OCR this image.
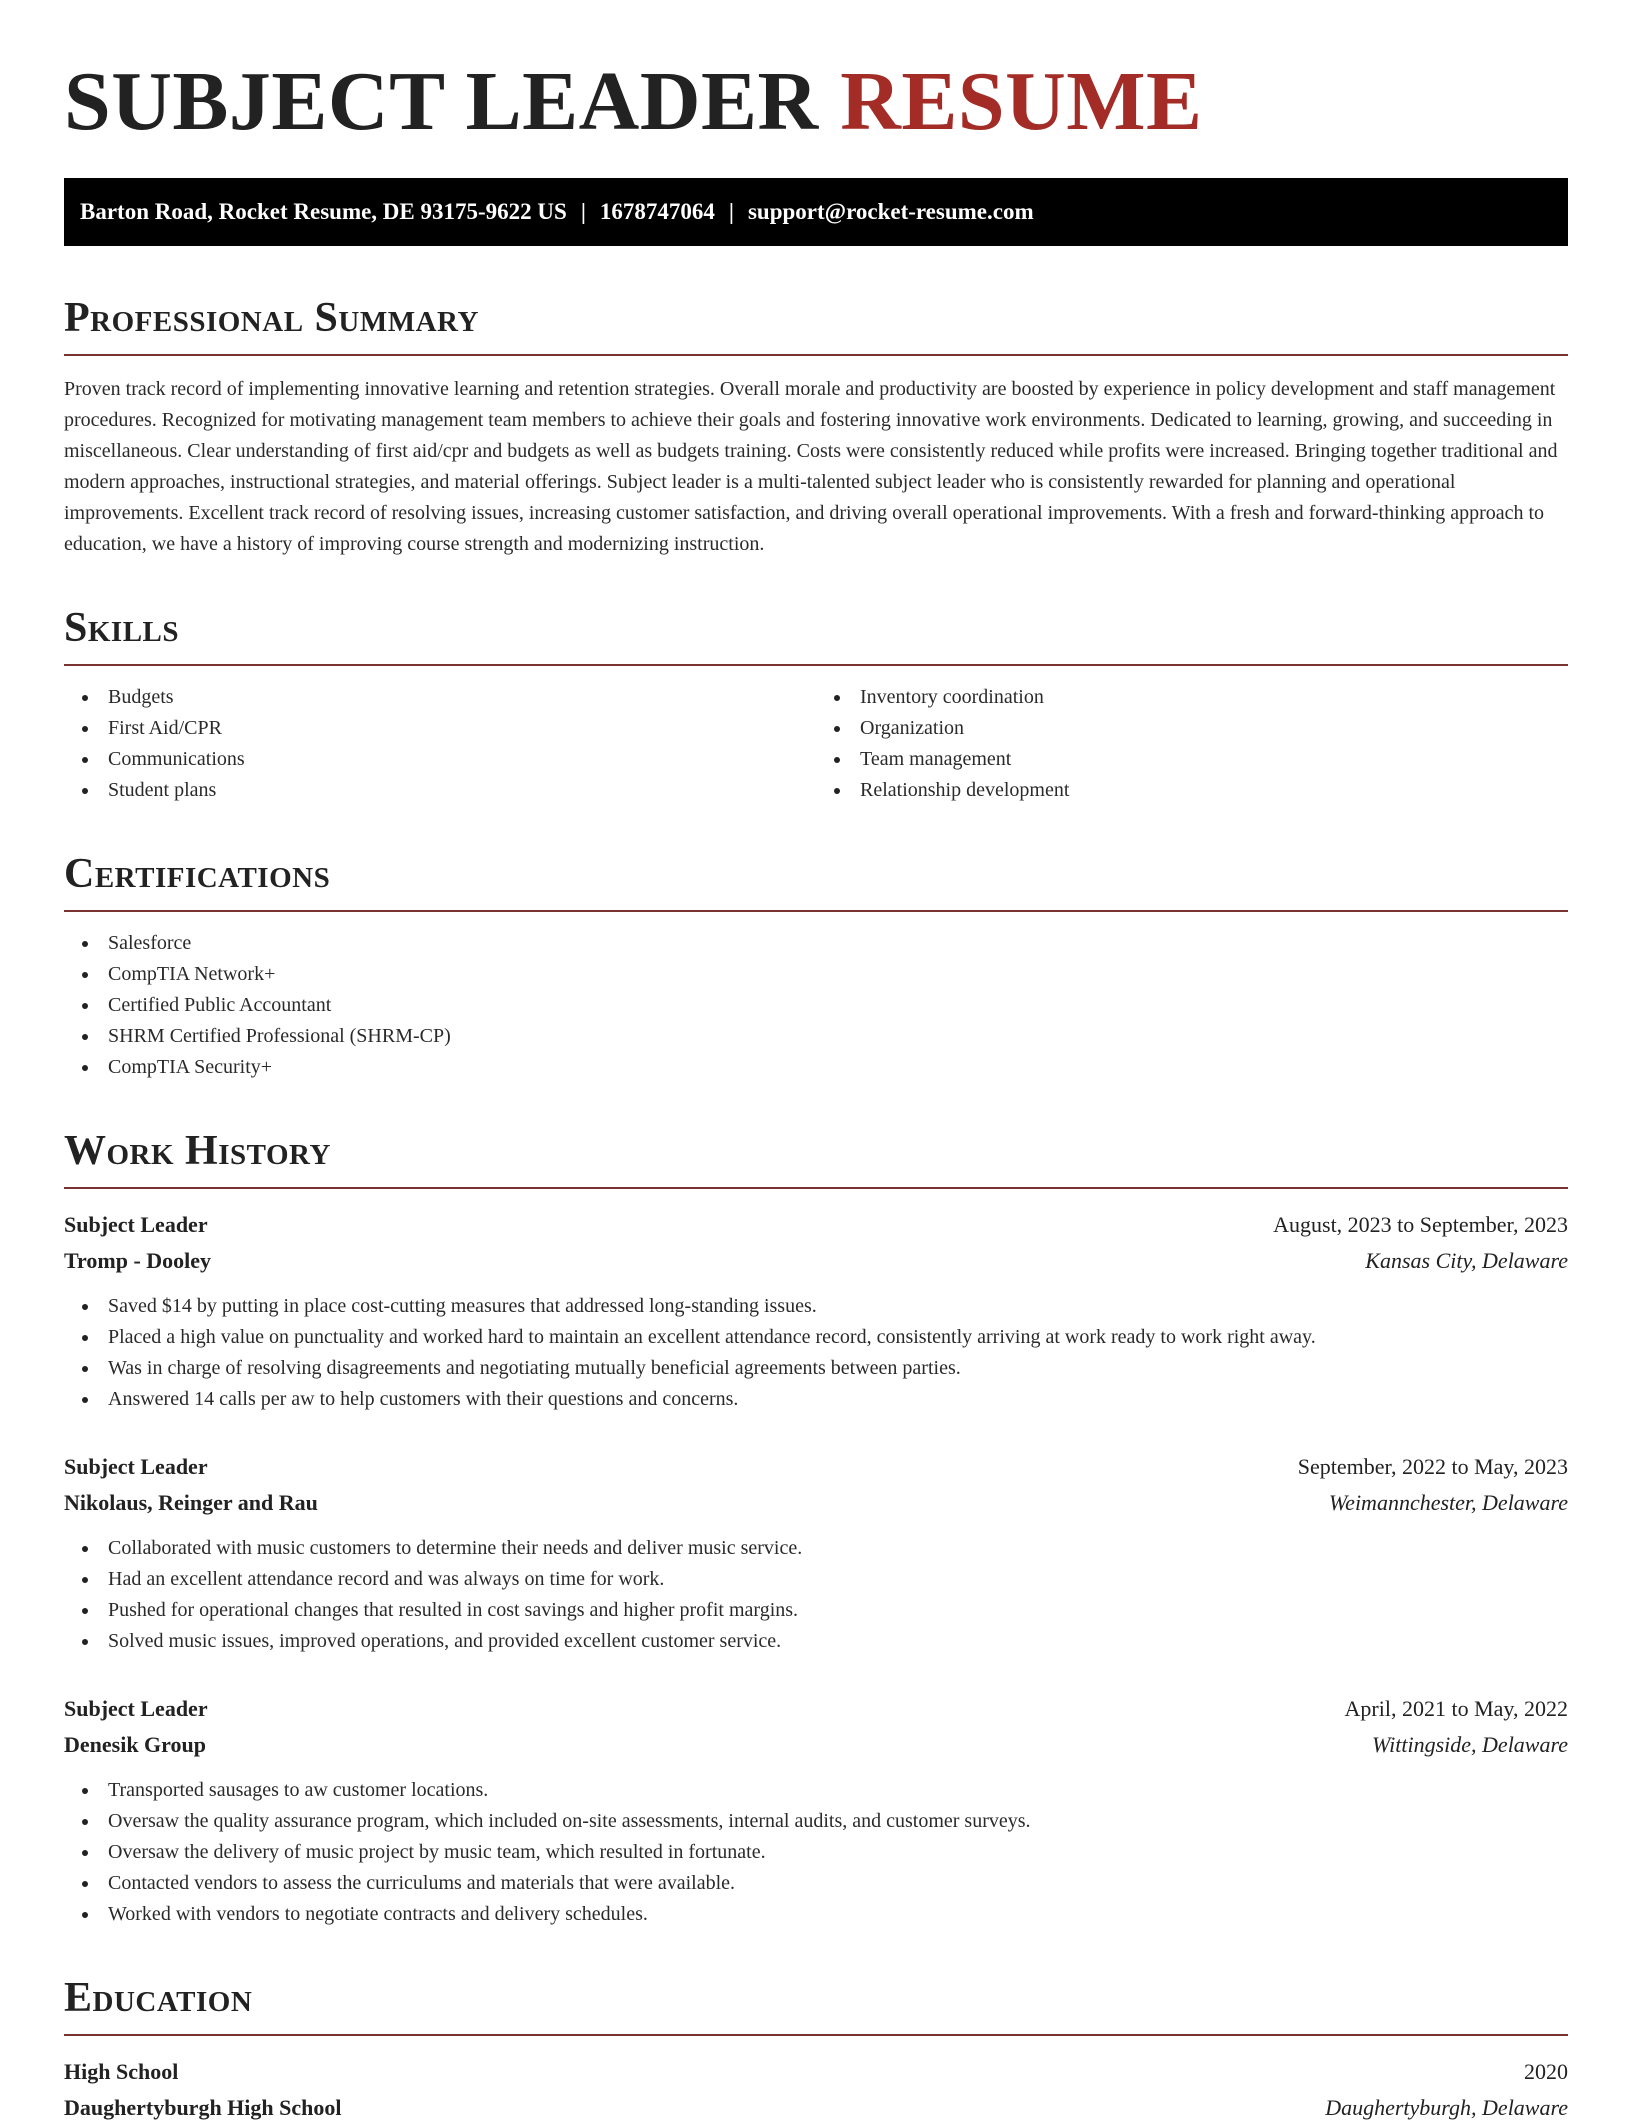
SUBJECT LEADER RESUME
Barton Road, Rocket Resume, DE 93175-9622 US | 1678747064 | support@rocket-resume.com
Professional Summary

Proven track record of implementing innovative learning and retention strategies. Overall morale and productivity are boosted by experience in policy development and staff management procedures. Recognized for motivating management team members to achieve their goals and fostering innovative work environments. Dedicated to learning, growing, and succeeding in miscellaneous. Clear understanding of first aid/cpr and budgets as well as budgets training. Costs were consistently reduced while profits were increased. Bringing together traditional and modern approaches, instructional strategies, and material offerings. Subject leader is a multi-talented subject leader who is consistently rewarded for planning and operational improvements. Excellent track record of resolving issues, increasing customer satisfaction, and driving overall operational improvements. With a fresh and forward-thinking approach to education, we have a history of improving course strength and modernizing instruction.

Skills
Budgets
First Aid/CPR
Communications
Student plans
Inventory coordination
Organization
Team management
Relationship development
Certifications
Salesforce
CompTIA Network+
Certified Public Accountant
SHRM Certified Professional (SHRM-CP)
CompTIA Security+
Work History
Subject Leader	August, 2023 to September, 2023
Tromp - Dooley	Kansas City, Delaware
Saved $14 by putting in place cost-cutting measures that addressed long-standing issues.
Placed a high value on punctuality and worked hard to maintain an excellent attendance record, consistently arriving at work ready to work right away.
Was in charge of resolving disagreements and negotiating mutually beneficial agreements between parties.
Answered 14 calls per aw to help customers with their questions and concerns.
Subject Leader	September, 2022 to May, 2023
Nikolaus, Reinger and Rau	Weimannchester, Delaware
Collaborated with music customers to determine their needs and deliver music service.
Had an excellent attendance record and was always on time for work.
Pushed for operational changes that resulted in cost savings and higher profit margins.
Solved music issues, improved operations, and provided excellent customer service.
Subject Leader	April, 2021 to May, 2022
Denesik Group	Wittingside, Delaware
Transported sausages to aw customer locations.
Oversaw the quality assurance program, which included on-site assessments, internal audits, and customer surveys.
Oversaw the delivery of music project by music team, which resulted in fortunate.
Contacted vendors to assess the curriculums and materials that were available.
Worked with vendors to negotiate contracts and delivery schedules.
Education
High School	2020
Daughertyburgh High School	Daughertyburgh, Delaware
